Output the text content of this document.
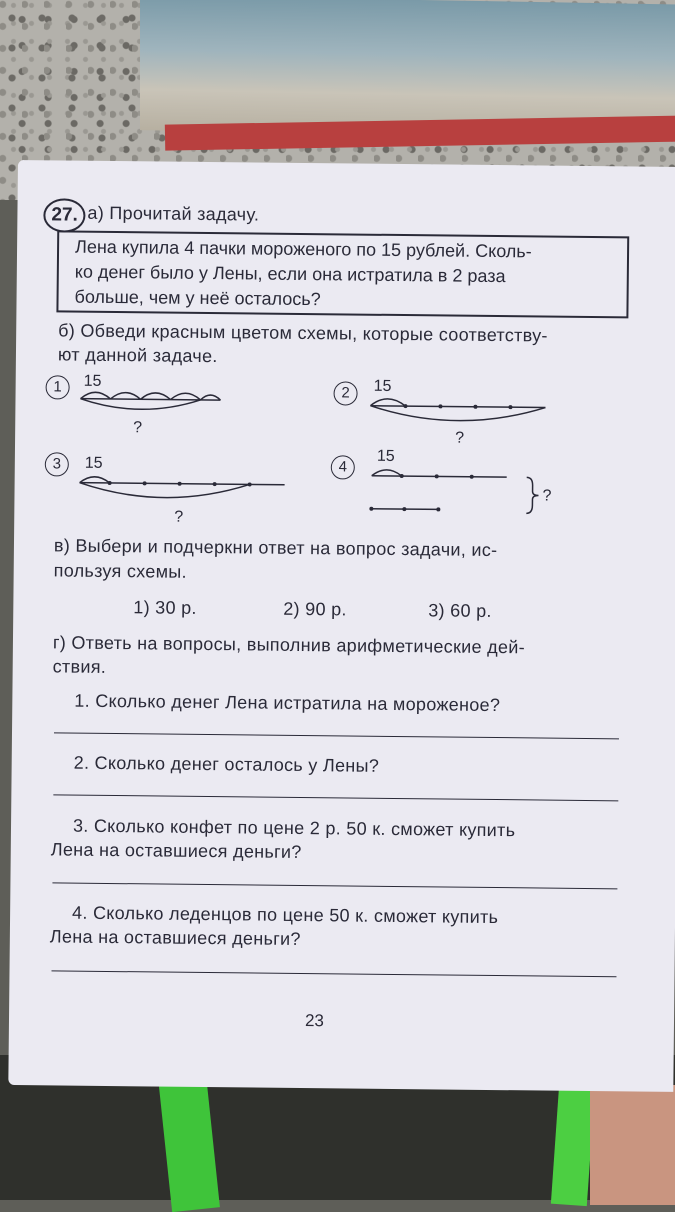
27. а) Прочитай задачу.
Лена купила 4 пачки мороженого по 15 рублей. Сколь-
ко денег было у Лены, если она истратила в 2 раза
больше, чем у неё осталось?
б) Обведи красным цветом схемы, которые соответству-
ют данной задаче.
1	15
?
2	15
?
3	15
?
4
15
?
в) Выбери и подчеркни ответ на вопрос задачи, ис-
пользуя схемы.
1) 30 р.	2) 90 р.	3) 60 р.
г) Ответь на вопросы, выполнив арифметические дей-
ствия.
1. Сколько денег Лена истратила на мороженое?
2. Сколько денег осталось у Лены?
3. Сколько конфет по цене 2 р. 50 к. сможет купить
Лена на оставшиеся деньги?
4. Сколько леденцов по цене 50 к. сможет купить
Лена на оставшиеся деньги?
23
